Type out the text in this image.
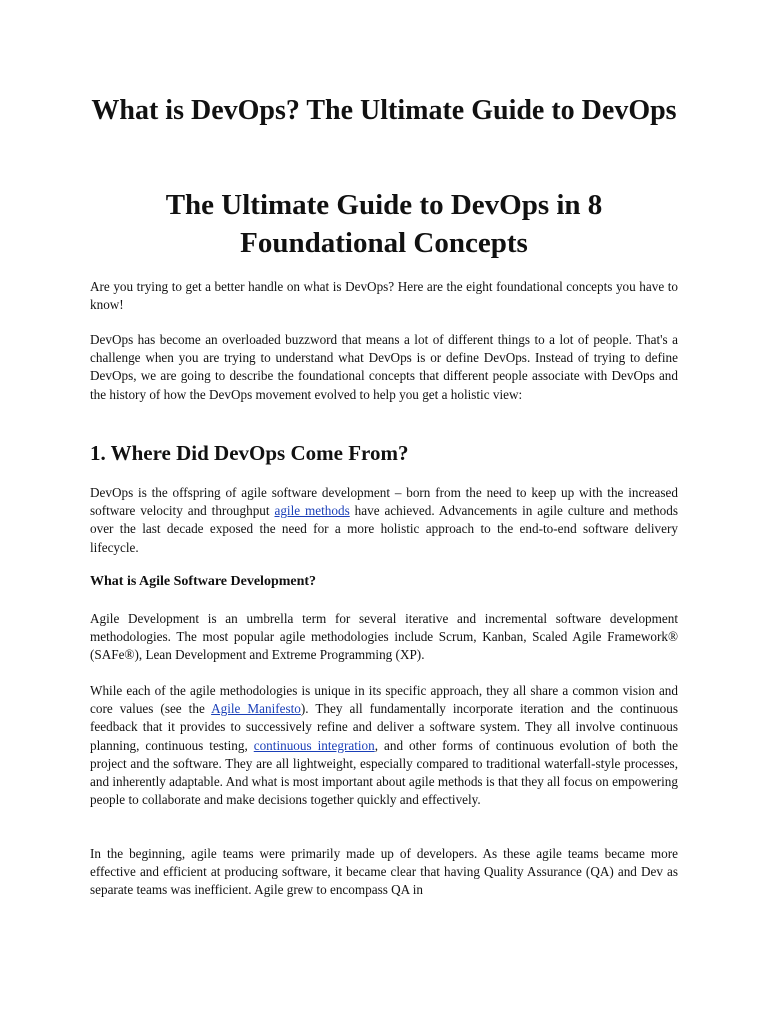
What is DevOps? The Ultimate Guide to DevOps
The Ultimate Guide to DevOps in 8 Foundational Concepts

Are you trying to get a better handle on what is DevOps? Here are the eight foundational concepts you have to know!

DevOps has become an overloaded buzzword that means a lot of different things to a lot of people. That's a challenge when you are trying to understand what DevOps is or define DevOps. Instead of trying to define DevOps, we are going to describe the foundational concepts that different people associate with DevOps and the history of how the DevOps movement evolved to help you get a holistic view:

1. Where Did DevOps Come From?

DevOps is the offspring of agile software development – born from the need to keep up with the increased software velocity and throughput agile methods have achieved. Advancements in agile culture and methods over the last decade exposed the need for a more holistic approach to the end-to-end software delivery lifecycle.

What is Agile Software Development?

Agile Development is an umbrella term for several iterative and incremental software development methodologies. The most popular agile methodologies include Scrum, Kanban, Scaled Agile Framework® (SAFe®), Lean Development and Extreme Programming (XP).

While each of the agile methodologies is unique in its specific approach, they all share a common vision and core values (see the Agile Manifesto). They all fundamentally incorporate iteration and the continuous feedback that it provides to successively refine and deliver a software system. They all involve continuous planning, continuous testing, continuous integration, and other forms of continuous evolution of both the project and the software. They are all lightweight, especially compared to traditional waterfall-style processes, and inherently adaptable. And what is most important about agile methods is that they all focus on empowering people to collaborate and make decisions together quickly and effectively.

In the beginning, agile teams were primarily made up of developers. As these agile teams became more effective and efficient at producing software, it became clear that having Quality Assurance (QA) and Dev as separate teams was inefficient. Agile grew to encompass QA in
